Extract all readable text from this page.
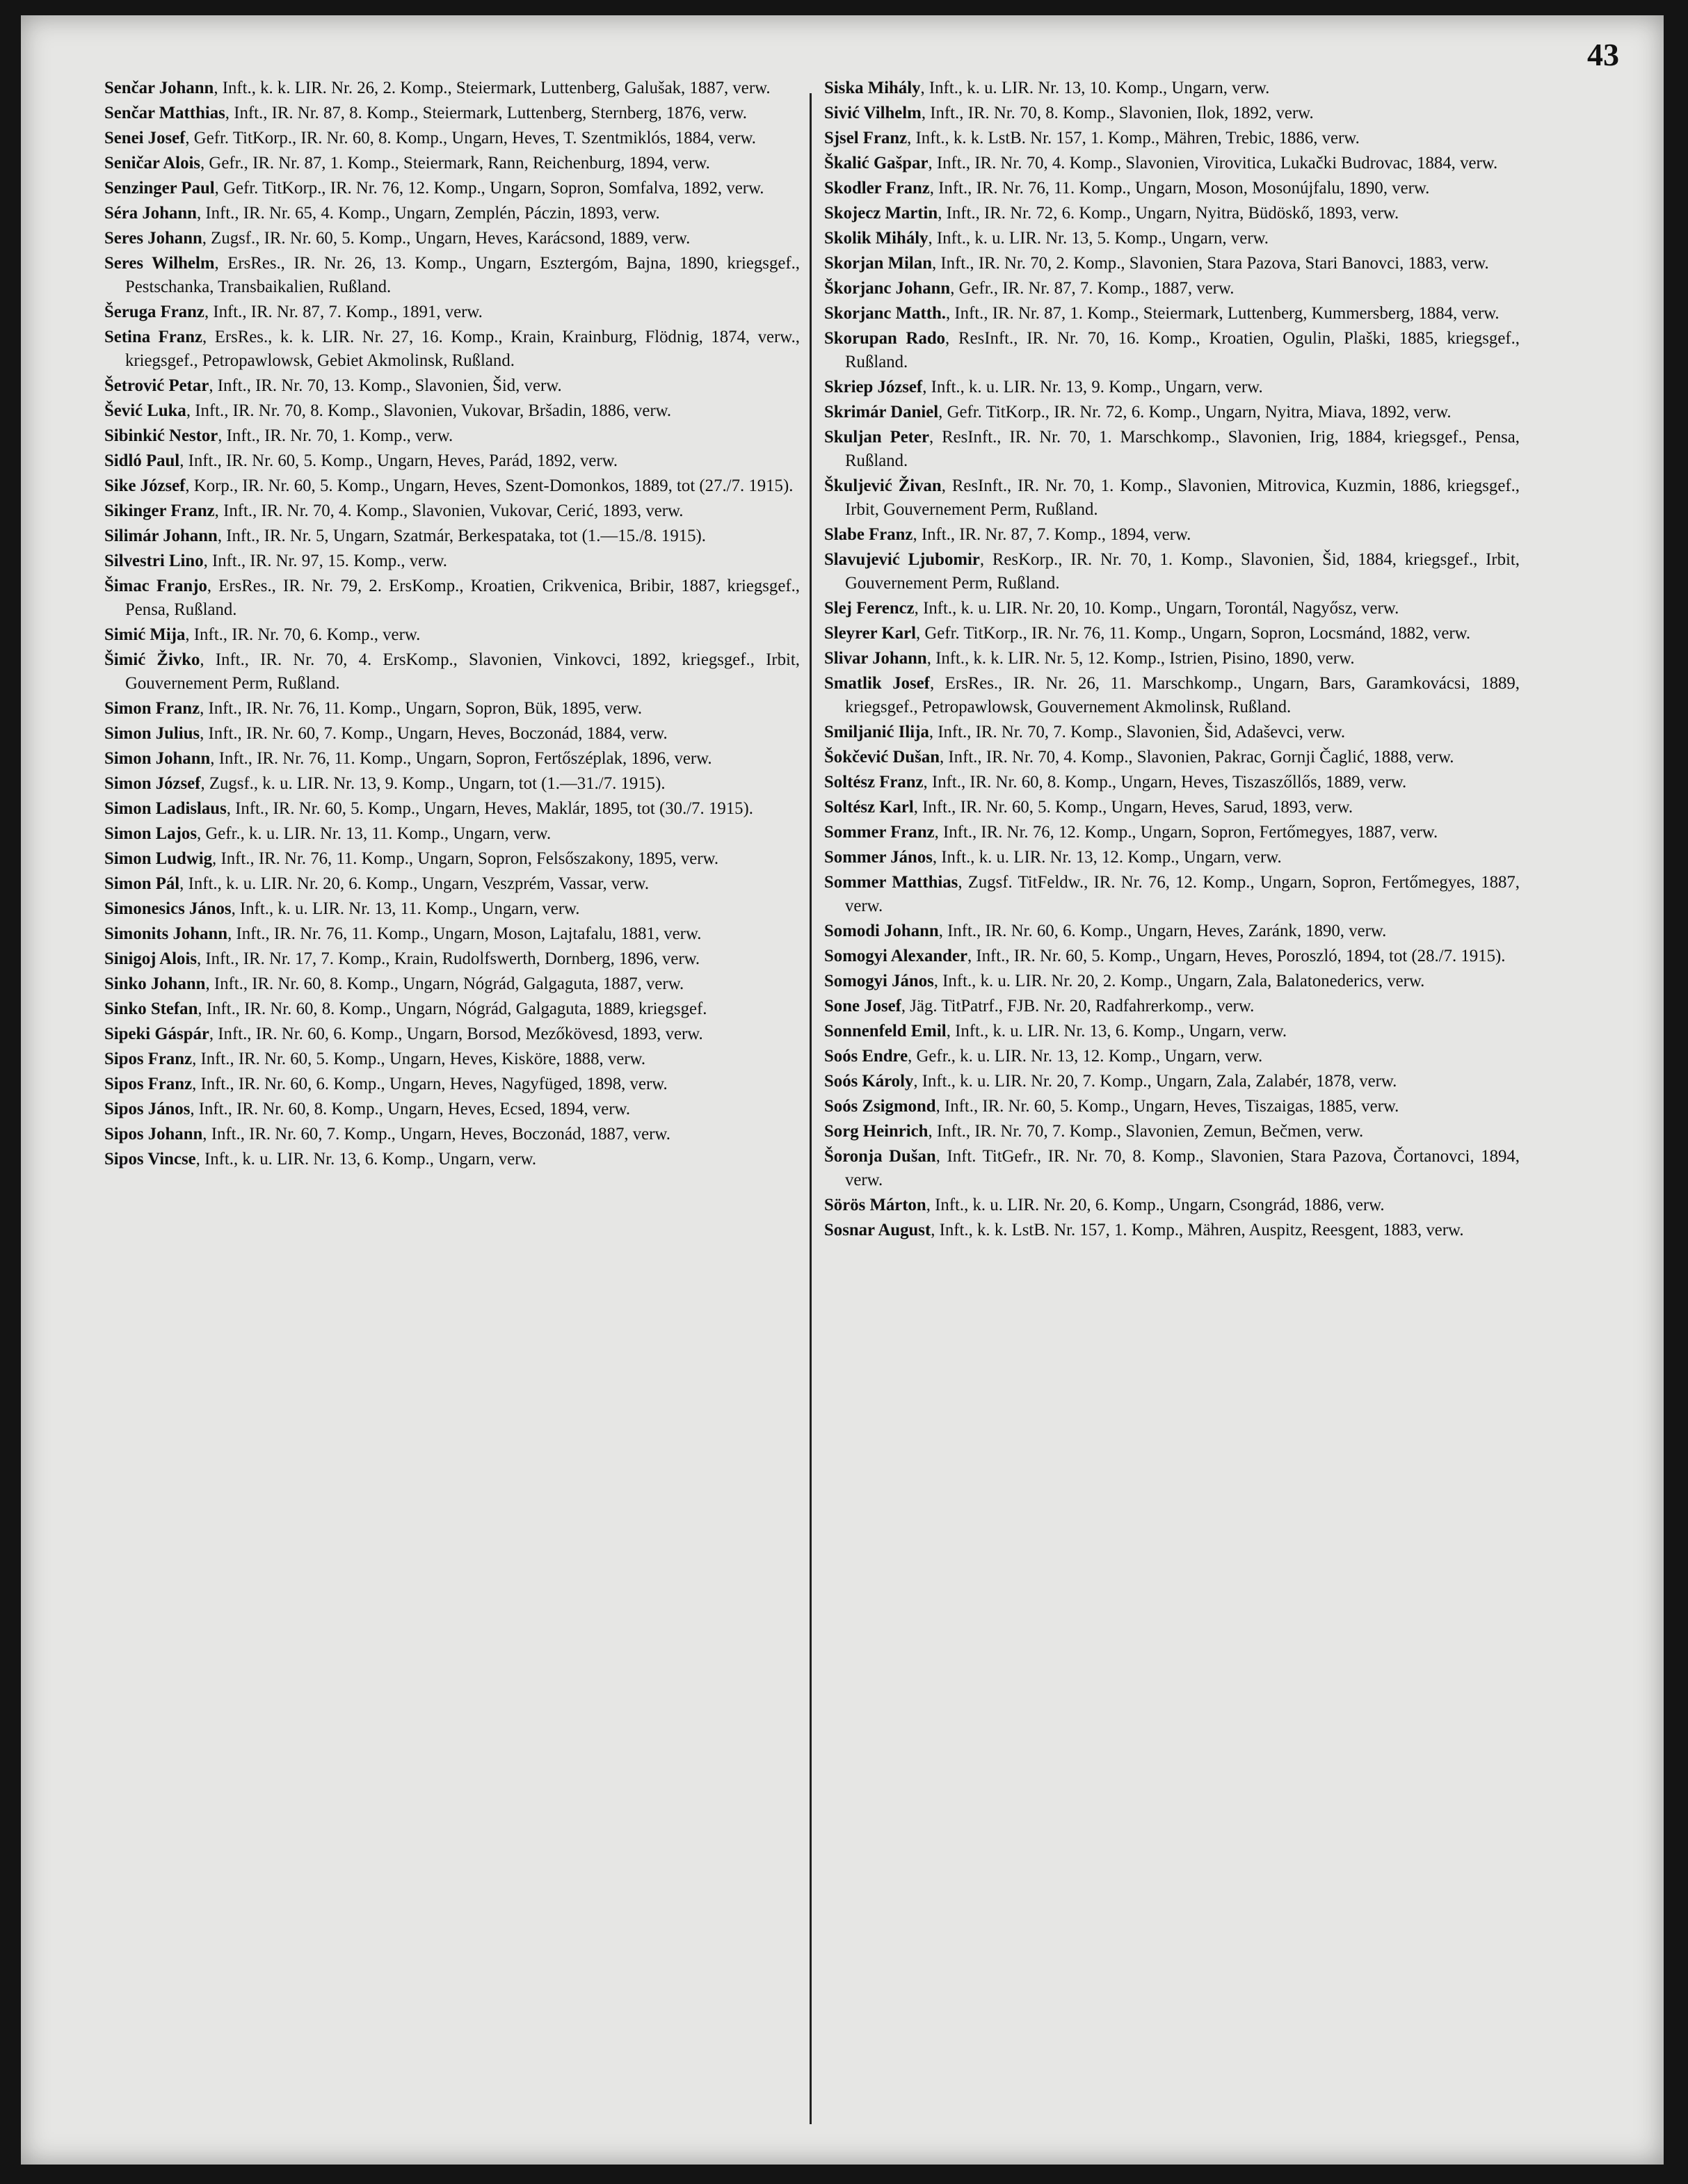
43
Senčar Johann, Inft., k. k. LIR. Nr. 26, 2. Komp., Steiermark, Luttenberg, Galušak, 1887, verw.
Senčar Matthias, Inft., IR. Nr. 87, 8. Komp., Steiermark, Luttenberg, Sternberg, 1876, verw.
Senei Josef, Gefr. TitKorp., IR. Nr. 60, 8. Komp., Ungarn, Heves, T. Szentmiklós, 1884, verw.
Seničar Alois, Gefr., IR. Nr. 87, 1. Komp., Steiermark, Rann, Reichenburg, 1894, verw.
Senzinger Paul, Gefr. TitKorp., IR. Nr. 76, 12. Komp., Ungarn, Sopron, Somfalva, 1892, verw.
Séra Johann, Inft., IR. Nr. 65, 4. Komp., Ungarn, Zemplén, Páczin, 1893, verw.
Seres Johann, Zugsf., IR. Nr. 60, 5. Komp., Ungarn, Heves, Karácsond, 1889, verw.
Seres Wilhelm, ErsRes., IR. Nr. 26, 13. Komp., Ungarn, Esztergóm, Bajna, 1890, kriegsgef., Pestschanka, Transbaikalien, Rußland.
Šeruga Franz, Inft., IR. Nr. 87, 7. Komp., 1891, verw.
Setina Franz, ErsRes., k. k. LIR. Nr. 27, 16. Komp., Krain, Krainburg, Flödnig, 1874, verw., kriegsgef., Petropawlowsk, Gebiet Akmolinsk, Rußland.
Šetrović Petar, Inft., IR. Nr. 70, 13. Komp., Slavonien, Šid, verw.
Šević Luka, Inft., IR. Nr. 70, 8. Komp., Slavonien, Vukovar, Bršadin, 1886, verw.
Sibinkić Nestor, Inft., IR. Nr. 70, 1. Komp., verw.
Sidló Paul, Inft., IR. Nr. 60, 5. Komp., Ungarn, Heves, Parád, 1892, verw.
Sike József, Korp., IR. Nr. 60, 5. Komp., Ungarn, Heves, Szent-Domonkos, 1889, tot (27./7. 1915).
Sikinger Franz, Inft., IR. Nr. 70, 4. Komp., Slavonien, Vukovar, Cerić, 1893, verw.
Silimár Johann, Inft., IR. Nr. 5, Ungarn, Szatmár, Berkespataka, tot (1.—15./8. 1915).
Silvestri Lino, Inft., IR. Nr. 97, 15. Komp., verw.
Šimac Franjo, ErsRes., IR. Nr. 79, 2. ErsKomp., Kroatien, Crikvenica, Bribir, 1887, kriegsgef., Pensa, Rußland.
Simić Mija, Inft., IR. Nr. 70, 6. Komp., verw.
Šimić Živko, Inft., IR. Nr. 70, 4. ErsKomp., Slavonien, Vinkovci, 1892, kriegsgef., Irbit, Gouvernement Perm, Rußland.
Simon Franz, Inft., IR. Nr. 76, 11. Komp., Ungarn, Sopron, Bük, 1895, verw.
Simon Julius, Inft., IR. Nr. 60, 7. Komp., Ungarn, Heves, Boczonád, 1884, verw.
Simon Johann, Inft., IR. Nr. 76, 11. Komp., Ungarn, Sopron, Fertőszéplak, 1896, verw.
Simon József, Zugsf., k. u. LIR. Nr. 13, 9. Komp., Ungarn, tot (1.—31./7. 1915).
Simon Ladislaus, Inft., IR. Nr. 60, 5. Komp., Ungarn, Heves, Maklár, 1895, tot (30./7. 1915).
Simon Lajos, Gefr., k. u. LIR. Nr. 13, 11. Komp., Ungarn, verw.
Simon Ludwig, Inft., IR. Nr. 76, 11. Komp., Ungarn, Sopron, Felsőszakony, 1895, verw.
Simon Pál, Inft., k. u. LIR. Nr. 20, 6. Komp., Ungarn, Veszprém, Vassar, verw.
Simonesics János, Inft., k. u. LIR. Nr. 13, 11. Komp., Ungarn, verw.
Simonits Johann, Inft., IR. Nr. 76, 11. Komp., Ungarn, Moson, Lajtafalu, 1881, verw.
Sinigoj Alois, Inft., IR. Nr. 17, 7. Komp., Krain, Rudolfswerth, Dornberg, 1896, verw.
Sinko Johann, Inft., IR. Nr. 60, 8. Komp., Ungarn, Nógrád, Galgaguta, 1887, verw.
Sinko Stefan, Inft., IR. Nr. 60, 8. Komp., Ungarn, Nógrád, Galgaguta, 1889, kriegsgef.
Sipeki Gáspár, Inft., IR. Nr. 60, 6. Komp., Ungarn, Borsod, Mezőkövesd, 1893, verw.
Sipos Franz, Inft., IR. Nr. 60, 5. Komp., Ungarn, Heves, Kisköre, 1888, verw.
Sipos Franz, Inft., IR. Nr. 60, 6. Komp., Ungarn, Heves, Nagyfüged, 1898, verw.
Sipos János, Inft., IR. Nr. 60, 8. Komp., Ungarn, Heves, Ecsed, 1894, verw.
Sipos Johann, Inft., IR. Nr. 60, 7. Komp., Ungarn, Heves, Boczonád, 1887, verw.
Sipos Vincse, Inft., k. u. LIR. Nr. 13, 6. Komp., Ungarn, verw.
Siska Mihály, Inft., k. u. LIR. Nr. 13, 10. Komp., Ungarn, verw.
Sivić Vilhelm, Inft., IR. Nr. 70, 8. Komp., Slavonien, Ilok, 1892, verw.
Sjsel Franz, Inft., k. k. LstB. Nr. 157, 1. Komp., Mähren, Trebic, 1886, verw.
Škalić Gašpar, Inft., IR. Nr. 70, 4. Komp., Slavonien, Virovitica, Lukački Budrovac, 1884, verw.
Skodler Franz, Inft., IR. Nr. 76, 11. Komp., Ungarn, Moson, Mosonújfalu, 1890, verw.
Skojecz Martin, Inft., IR. Nr. 72, 6. Komp., Ungarn, Nyitra, Büdöskő, 1893, verw.
Skolik Mihály, Inft., k. u. LIR. Nr. 13, 5. Komp., Ungarn, verw.
Skorjan Milan, Inft., IR. Nr. 70, 2. Komp., Slavonien, Stara Pazova, Stari Banovci, 1883, verw.
Škorjanc Johann, Gefr., IR. Nr. 87, 7. Komp., 1887, verw.
Skorjanc Matth., Inft., IR. Nr. 87, 1. Komp., Steiermark, Luttenberg, Kummersberg, 1884, verw.
Skorupan Rado, ResInft., IR. Nr. 70, 16. Komp., Kroatien, Ogulin, Plaški, 1885, kriegsgef., Rußland.
Skriep József, Inft., k. u. LIR. Nr. 13, 9. Komp., Ungarn, verw.
Skrimár Daniel, Gefr. TitKorp., IR. Nr. 72, 6. Komp., Ungarn, Nyitra, Miava, 1892, verw.
Skuljan Peter, ResInft., IR. Nr. 70, 1. Marschkomp., Slavonien, Irig, 1884, kriegsgef., Pensa, Rußland.
Škuljević Živan, ResInft., IR. Nr. 70, 1. Komp., Slavonien, Mitrovica, Kuzmin, 1886, kriegsgef., Irbit, Gouvernement Perm, Rußland.
Slabe Franz, Inft., IR. Nr. 87, 7. Komp., 1894, verw.
Slavujević Ljubomir, ResKorp., IR. Nr. 70, 1. Komp., Slavonien, Šid, 1884, kriegsgef., Irbit, Gouvernement Perm, Rußland.
Slej Ferencz, Inft., k. u. LIR. Nr. 20, 10. Komp., Ungarn, Torontál, Nagyősz, verw.
Sleyrer Karl, Gefr. TitKorp., IR. Nr. 76, 11. Komp., Ungarn, Sopron, Locsmánd, 1882, verw.
Slivar Johann, Inft., k. k. LIR. Nr. 5, 12. Komp., Istrien, Pisino, 1890, verw.
Smatlik Josef, ErsRes., IR. Nr. 26, 11. Marschkomp., Ungarn, Bars, Garamkovácsi, 1889, kriegsgef., Petropawlowsk, Gouvernement Akmolinsk, Rußland.
Smiljanić Ilija, Inft., IR. Nr. 70, 7. Komp., Slavonien, Šid, Adaševci, verw.
Šokčević Dušan, Inft., IR. Nr. 70, 4. Komp., Slavonien, Pakrac, Gornji Čaglić, 1888, verw.
Soltész Franz, Inft., IR. Nr. 60, 8. Komp., Ungarn, Heves, Tiszaszőllős, 1889, verw.
Soltész Karl, Inft., IR. Nr. 60, 5. Komp., Ungarn, Heves, Sarud, 1893, verw.
Sommer Franz, Inft., IR. Nr. 76, 12. Komp., Ungarn, Sopron, Fertőmegyes, 1887, verw.
Sommer János, Inft., k. u. LIR. Nr. 13, 12. Komp., Ungarn, verw.
Sommer Matthias, Zugsf. TitFeldw., IR. Nr. 76, 12. Komp., Ungarn, Sopron, Fertőmegyes, 1887, verw.
Somodi Johann, Inft., IR. Nr. 60, 6. Komp., Ungarn, Heves, Zaránk, 1890, verw.
Somogyi Alexander, Inft., IR. Nr. 60, 5. Komp., Ungarn, Heves, Poroszló, 1894, tot (28./7. 1915).
Somogyi János, Inft., k. u. LIR. Nr. 20, 2. Komp., Ungarn, Zala, Balatonederics, verw.
Sone Josef, Jäg. TitPatrf., FJB. Nr. 20, Radfahrerkomp., verw.
Sonnenfeld Emil, Inft., k. u. LIR. Nr. 13, 6. Komp., Ungarn, verw.
Soós Endre, Gefr., k. u. LIR. Nr. 13, 12. Komp., Ungarn, verw.
Soós Károly, Inft., k. u. LIR. Nr. 20, 7. Komp., Ungarn, Zala, Zalabér, 1878, verw.
Soós Zsigmond, Inft., IR. Nr. 60, 5. Komp., Ungarn, Heves, Tiszaigas, 1885, verw.
Sorg Heinrich, Inft., IR. Nr. 70, 7. Komp., Slavonien, Zemun, Bečmen, verw.
Šoronja Dušan, Inft. TitGefr., IR. Nr. 70, 8. Komp., Slavonien, Stara Pazova, Čortanovci, 1894, verw.
Sörös Márton, Inft., k. u. LIR. Nr. 20, 6. Komp., Ungarn, Csongrád, 1886, verw.
Sosnar August, Inft., k. k. LstB. Nr. 157, 1. Komp., Mähren, Auspitz, Reesgent, 1883, verw.
